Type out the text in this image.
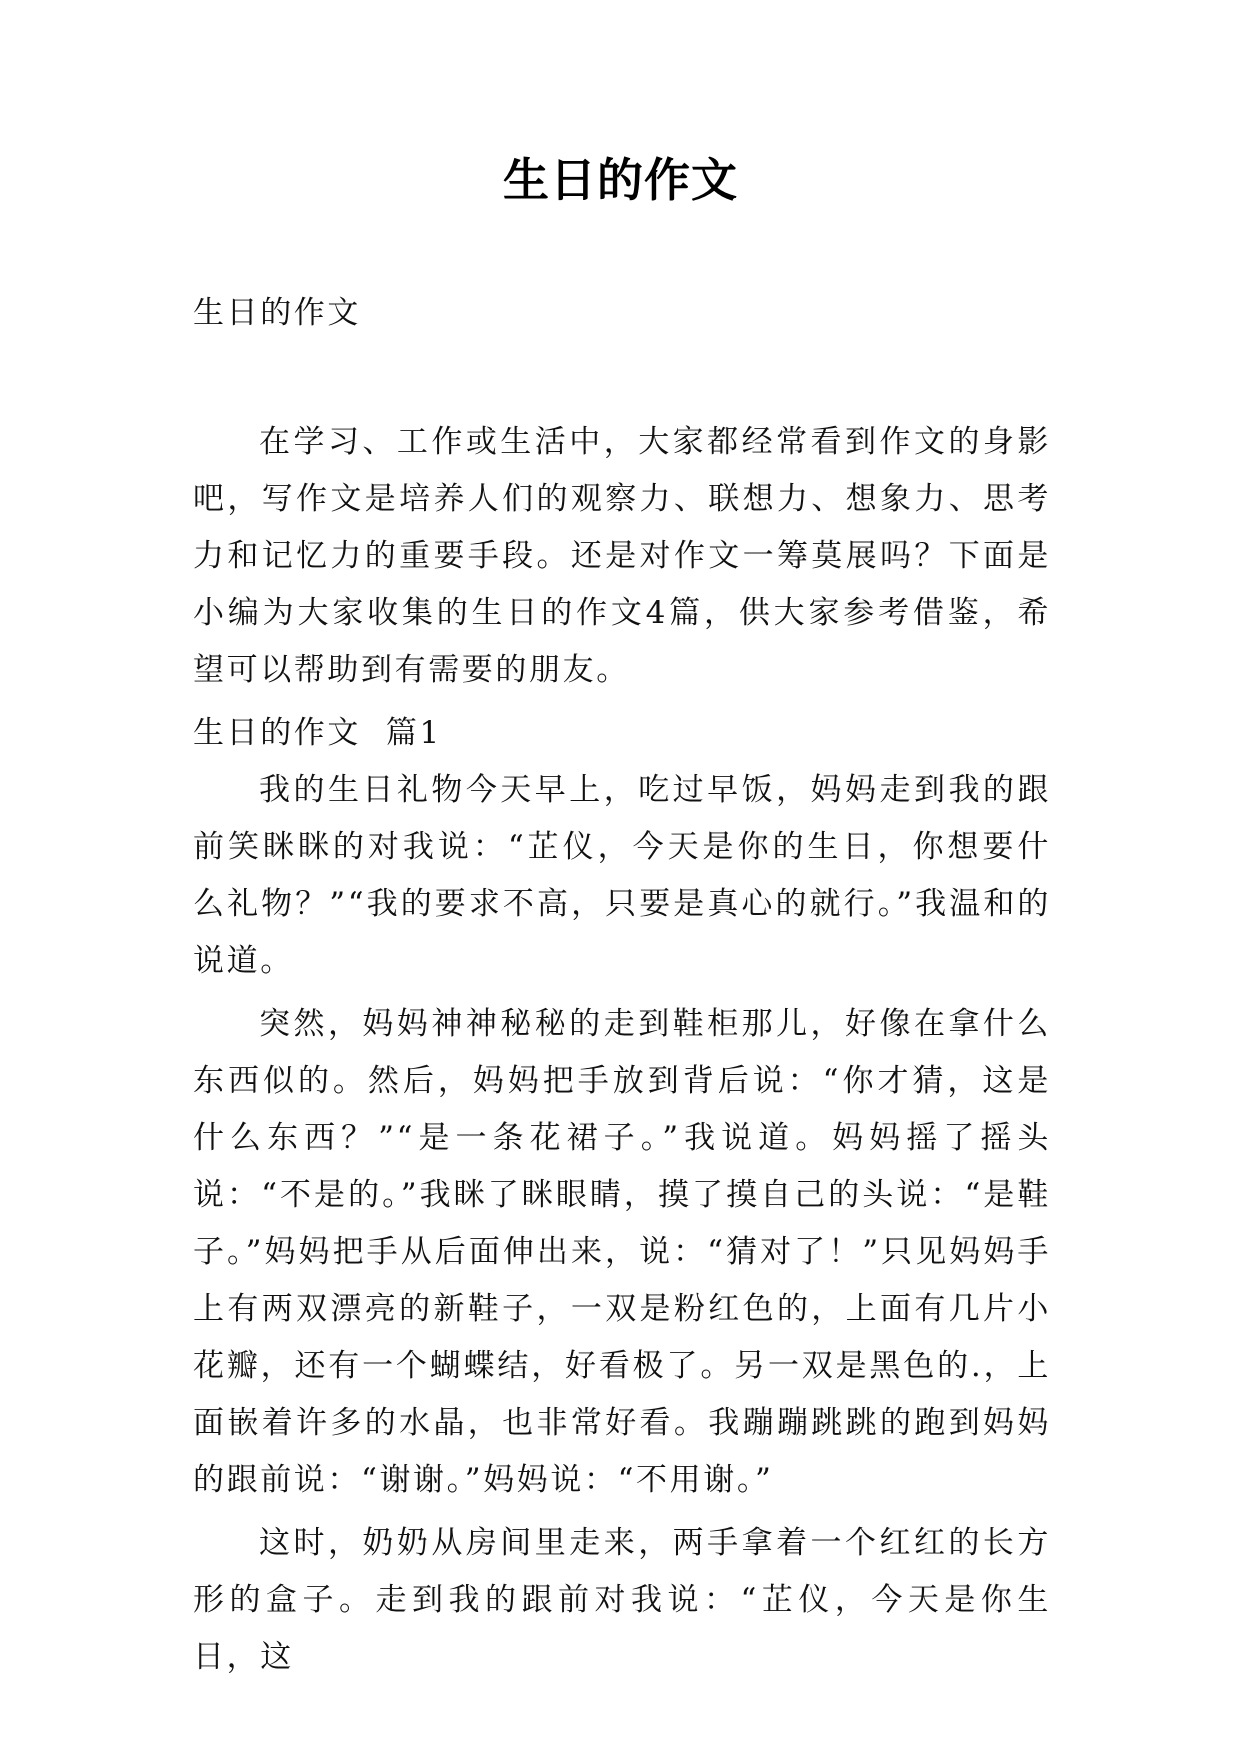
生日的作文

生日的作文

在学习、工作或生活中，大家都经常看到作文的身影吧，写作文是培养人们的观察力、联想力、想象力、思考力和记忆力的重要手段。还是对作文一筹莫展吗？下面是小编为大家收集的生日的作文4篇，供大家参考借鉴，希望可以帮助到有需要的朋友。

生日的作文  篇1

我的生日礼物今天早上，吃过早饭，妈妈走到我的跟前笑眯眯的对我说：“芷仪，今天是你的生日，你想要什么礼物？”“我的要求不高，只要是真心的就行。”我温和的说道。

突然，妈妈神神秘秘的走到鞋柜那儿，好像在拿什么东西似的。然后，妈妈把手放到背后说：“你才猜，这是什么东西？”“是一条花裙子。”我说道。妈妈摇了摇头说：“不是的。”我眯了眯眼睛，摸了摸自己的头说：“是鞋子。”妈妈把手从后面伸出来，说：“猜对了！”只见妈妈手上有两双漂亮的新鞋子，一双是粉红色的，上面有几片小花瓣，还有一个蝴蝶结，好看极了。另一双是黑色的.，上面嵌着许多的水晶，也非常好看。我蹦蹦跳跳的跑到妈妈的跟前说：“谢谢。”妈妈说：“不用谢。”

这时，奶奶从房间里走来，两手拿着一个红红的长方形的盒子。走到我的跟前对我说：“芷仪，今天是你生日，这
